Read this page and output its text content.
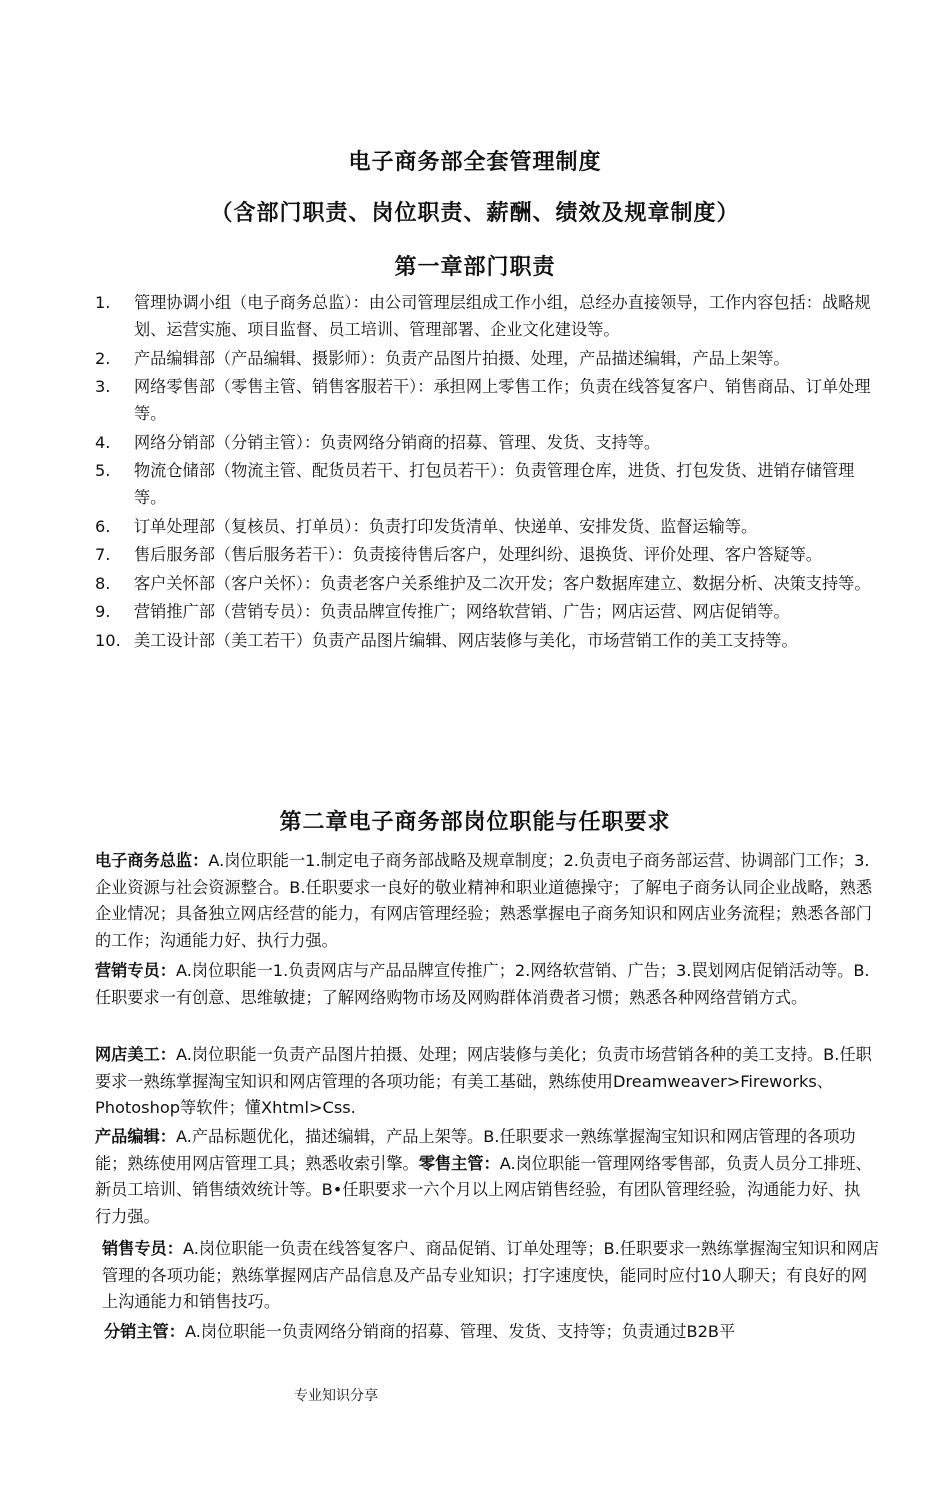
电子商务部全套管理制度
（含部门职责、岗位职责、薪酬、绩效及规章制度）
第一章部门职责
1. 管理协调小组（电子商务总监）：由公司管理层组成工作小组，总经办直接领导，工作内容包括：战略规划、运营实施、项目监督、员工培训、管理部署、企业文化建设等。
2. 产品编辑部（产品编辑、摄影师）：负责产品图片拍摄、处理，产品描述编辑，产品上架等。
3. 网络零售部（零售主管、销售客服若干）：承担网上零售工作；负责在线答复客户、销售商品、订单处理等。
4. 网络分销部（分销主管）：负责网络分销商的招募、管理、发货、支持等。
5. 物流仓储部（物流主管、配货员若干、打包员若干）：负责管理仓库，进货、打包发货、进销存储管理等。
6. 订单处理部（复核员、打单员）：负责打印发货清单、快递单、安排发货、监督运输等。
7. 售后服务部（售后服务若干）：负责接待售后客户，处理纠纷、退换货、评价处理、客户答疑等。
8. 客户关怀部（客户关怀）：负责老客户关系维护及二次开发；客户数据库建立、数据分析、决策支持等。
9. 营销推广部（营销专员）：负责品牌宣传推广；网络软营销、广告；网店运营、网店促销等。
10. 美工设计部（美工若干）负责产品图片编辑、网店装修与美化，市场营销工作的美工支持等。
第二章电子商务部岗位职能与任职要求

电子商务总监：A.岗位职能一1.制定电子商务部战略及规章制度；2.负责电子商务部运营、协调部门工作；3.企业资源与社会资源整合。B.任职要求一良好的敬业精神和职业道德操守；了解电子商务认同企业战略，熟悉企业情况；具备独立网店经营的能力，有网店管理经验；熟悉掌握电子商务知识和网店业务流程；熟悉各部门的工作；沟通能力好、执行力强。

营销专员：A.岗位职能一1.负责网店与产品品牌宣传推广；2.网络软营销、广告；3.罠划网店促销活动等。B.任职要求一有创意、思维敏捷；了解网络购物市场及网购群体消费者习惯；熟悉各种网络营销方式。

网店美工：A.岗位职能一负责产品图片拍摄、处理；网店装修与美化；负责市场营销各种的美工支持。B.任职要求一熟练掌握淘宝知识和网店管理的各项功能；有美工基础，熟练使用Dreamweaver>Fireworks、Photoshop等软件；懂Xhtml>Css.

产品编辑：A.产品标题优化，描述编辑，产品上架等。B.任职要求一熟练掌握淘宝知识和网店管理的各项功能；熟练使用网店管理工具；熟悉收索引擎。零售主管：A.岗位职能一管理网络零售部，负责人员分工排班、新员工培训、销售绩效统计等。B•任职要求一六个月以上网店销售经验，有团队管理经验，沟通能力好、执行力强。

销售专员：A.岗位职能一负责在线答复客户、商品促销、订单处理等；B.任职要求一熟练掌握淘宝知识和网店管理的各项功能；熟练掌握网店产品信息及产品专业知识；打字速度快，能同时应付10人聊天；有良好的网上沟通能力和销售技巧。

分销主管：A.岗位职能一负责网络分销商的招募、管理、发货、支持等；负责通过B2B平

专业知识分享
